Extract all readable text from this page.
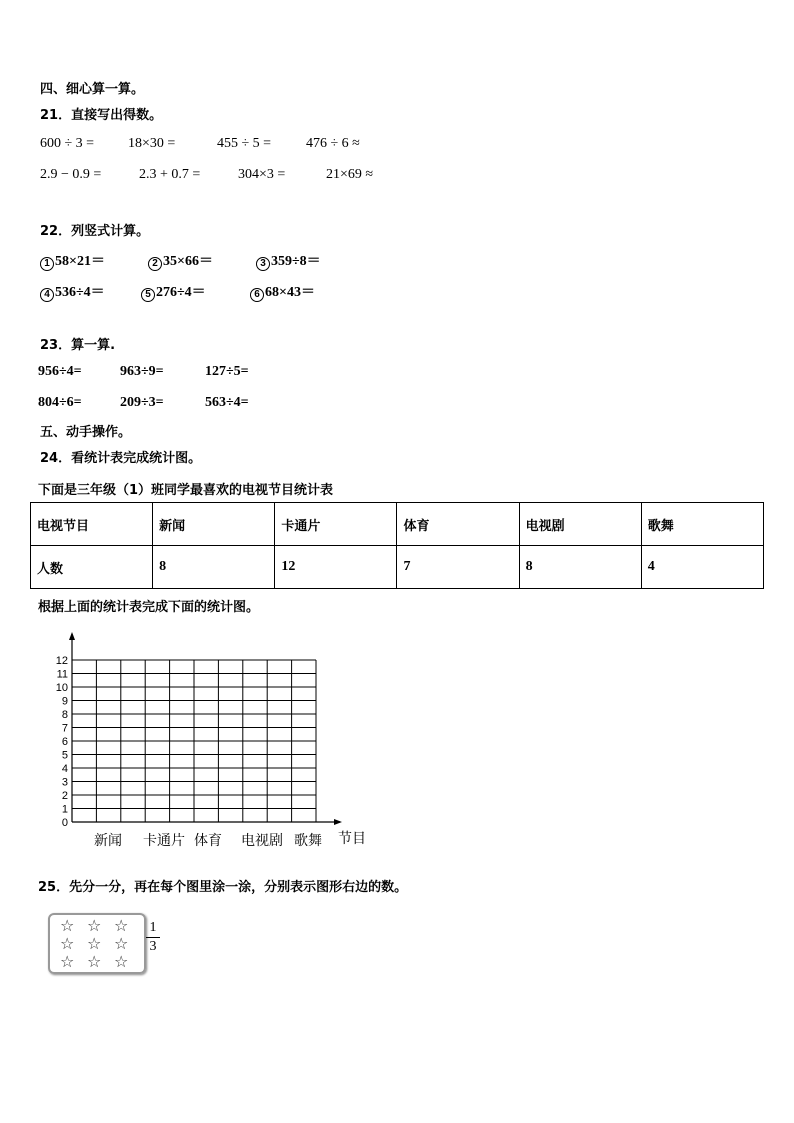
四、细心算一算。
21．直接写出得数。
600 ÷ 3 = 18×30 =	455 ÷ 5 = 476 ÷ 6 ≈
2.9 − 0.9 =	2.3 + 0.7 =	304×3 =	21×69 ≈
22．列竖式计算。
1 58×21＝	2 35×66＝	3 359÷8＝
4 536÷4＝	5 276÷4＝	6 68×43＝
23．算一算.
956÷4=	963÷9=	127÷5=
804÷6=	209÷3=	563÷4=
五、动手操作。
24．看统计表完成统计图。
下面是三年级（1）班同学最喜欢的电视节目统计表
电视节目	新闻	卡通片	体育	电视剧	歌舞
人数	8	12	7	8	4
根据上面的统计表完成下面的统计图。
0
1
2
3
4
5
6
7
8
9
10
11
12
新闻 卡通片 体育 电视剧 歌舞 节目
25．先分一分，再在每个图里涂一涂，分别表示图形右边的数。
☆ ☆ ☆
☆ ☆ ☆
☆ ☆ ☆
1
3
